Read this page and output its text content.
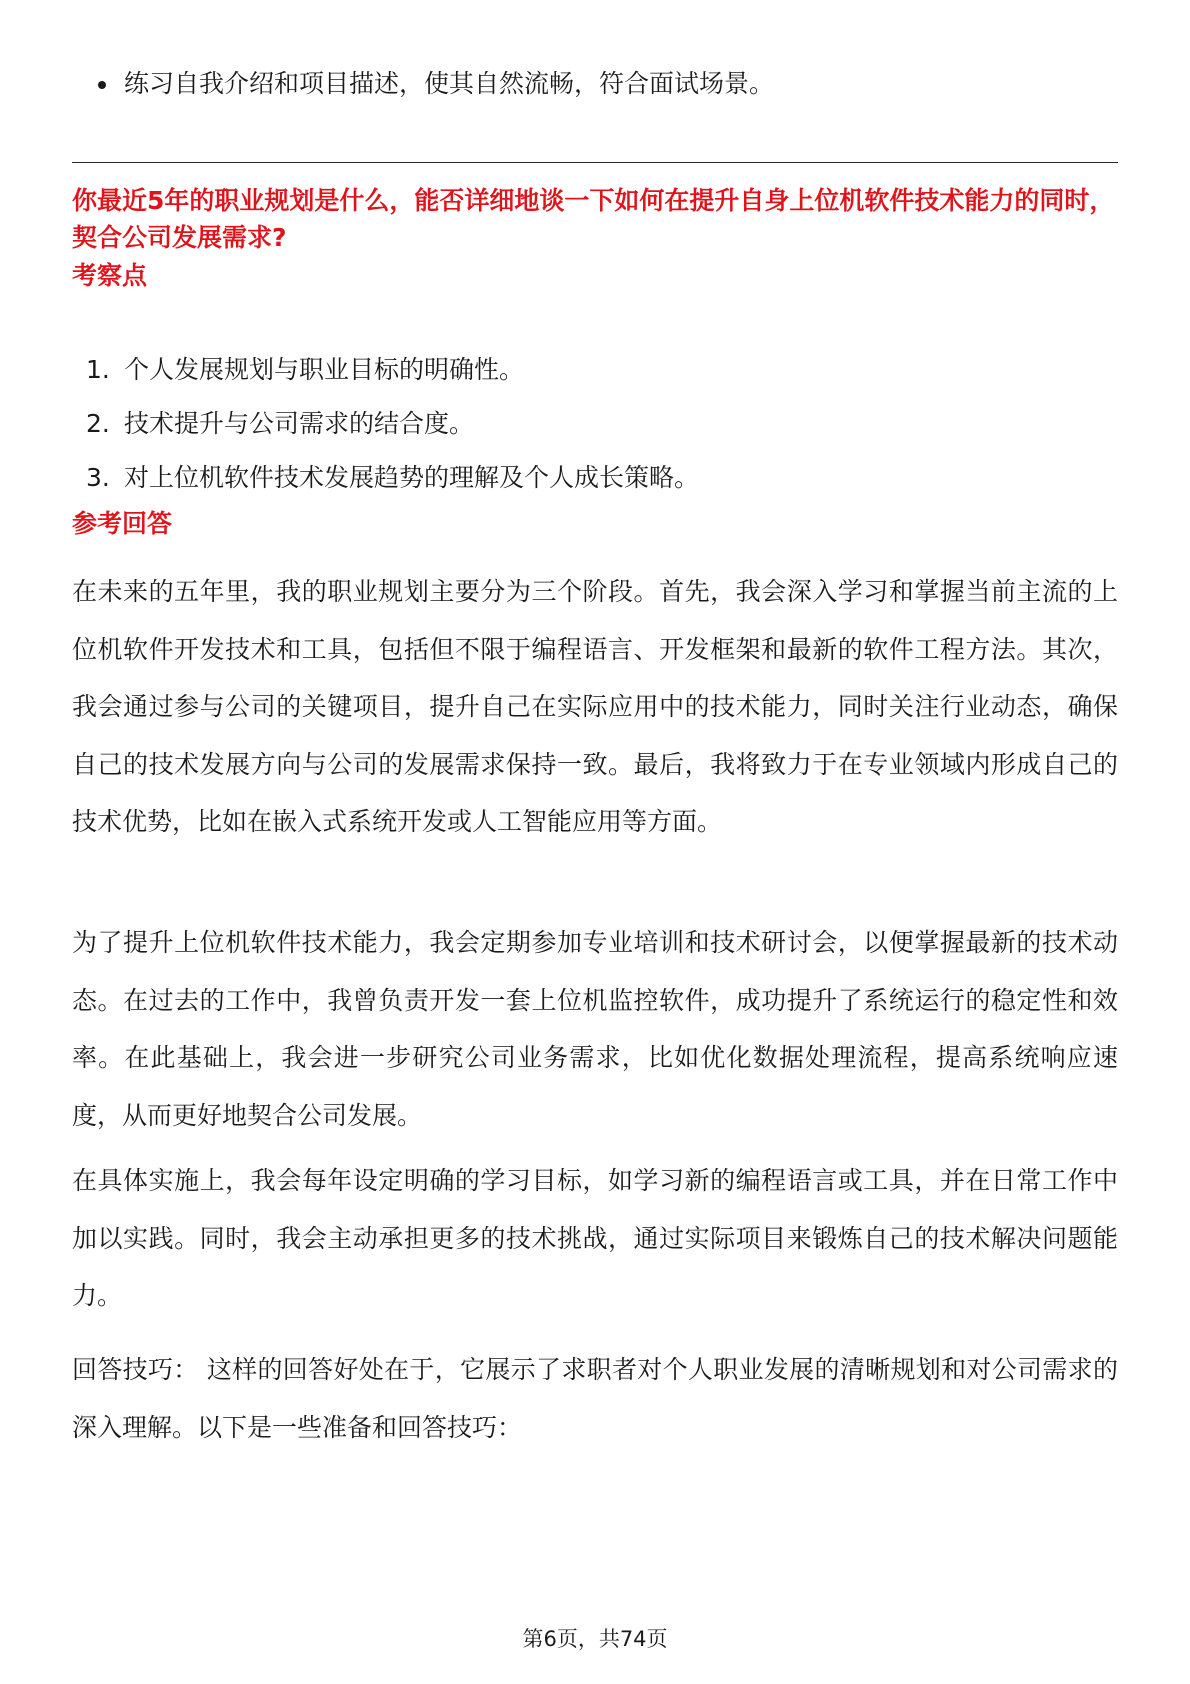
练习自我介绍和项目描述，使其自然流畅，符合面试场景。
你最近5年的职业规划是什么，能否详细地谈一下如何在提升自身上位机软件技术能力的同时，契合公司发展需求?
考察点
1. 个人发展规划与职业目标的明确性。
2. 技术提升与公司需求的结合度。
3. 对上位机软件技术发展趋势的理解及个人成长策略。
参考回答
在未来的五年里，我的职业规划主要分为三个阶段。首先，我会深入学习和掌握当前主流的上位机软件开发技术和工具，包括但不限于编程语言、开发框架和最新的软件工程方法。其次，我会通过参与公司的关键项目，提升自己在实际应用中的技术能力，同时关注行业动态，确保自己的技术发展方向与公司的发展需求保持一致。最后，我将致力于在专业领域内形成自己的技术优势，比如在嵌入式系统开发或人工智能应用等方面。
为了提升上位机软件技术能力，我会定期参加专业培训和技术研讨会，以便掌握最新的技术动态。在过去的工作中，我曾负责开发一套上位机监控软件，成功提升了系统运行的稳定性和效率。在此基础上，我会进一步研究公司业务需求，比如优化数据处理流程，提高系统响应速度，从而更好地契合公司发展。
在具体实施上，我会每年设定明确的学习目标，如学习新的编程语言或工具，并在日常工作中加以实践。同时，我会主动承担更多的技术挑战，通过实际项目来锻炼自己的技术解决问题能力。
回答技巧： 这样的回答好处在于，它展示了求职者对个人职业发展的清晰规划和对公司需求的深入理解。以下是一些准备和回答技巧：
第6页，共74页
